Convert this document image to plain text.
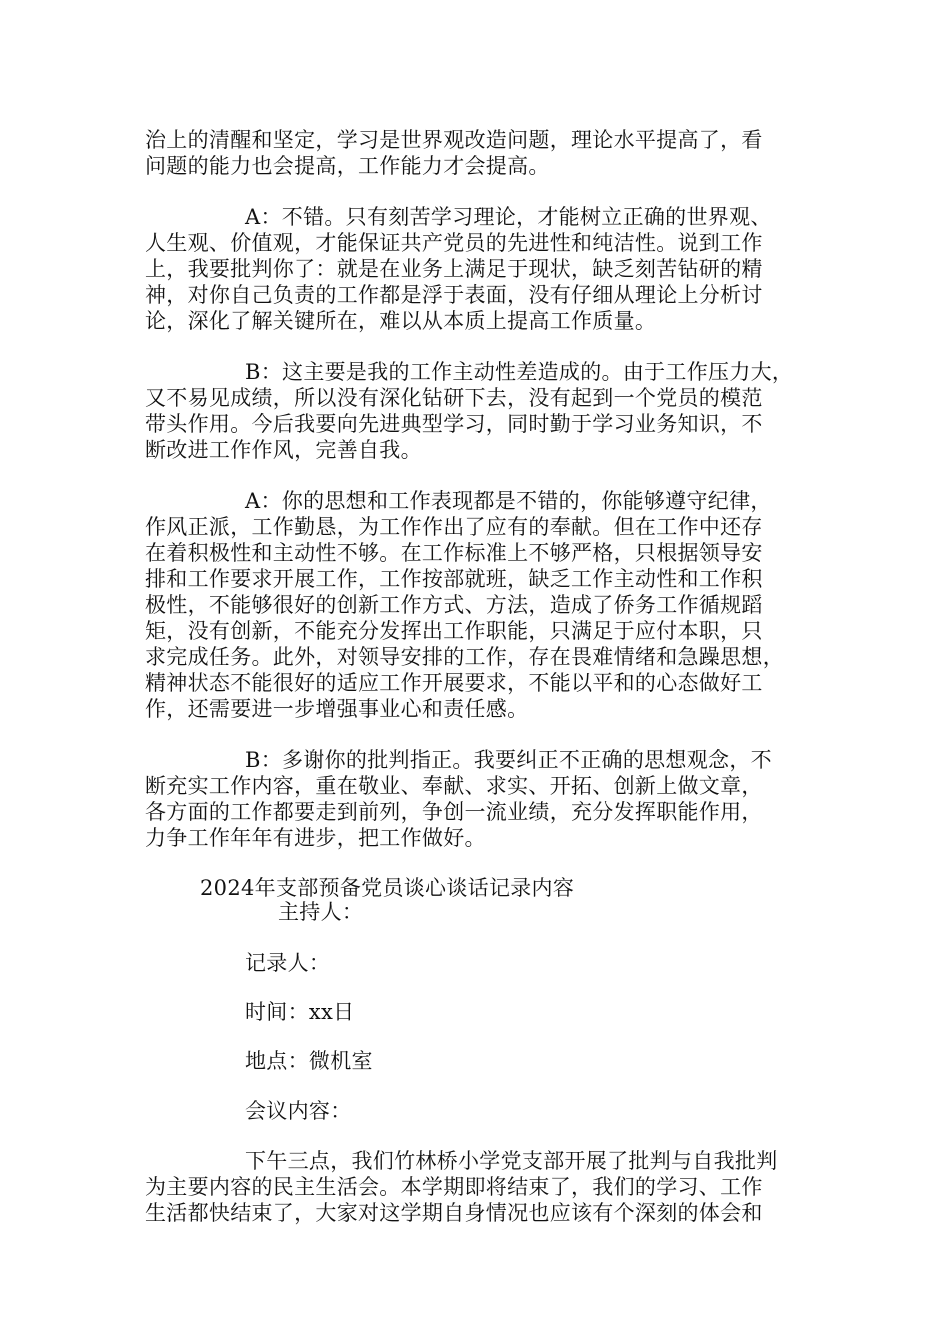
治上的清醒和坚定，学习是世界观改造问题，理论水平提高了，看
问题的能力也会提高，工作能力才会提高。
A：不错。只有刻苦学习理论，才能树立正确的世界观、
人生观、价值观，才能保证共产党员的先进性和纯洁性。说到工作
上，我要批判你了：就是在业务上满足于现状，缺乏刻苦钻研的精
神，对你自己负责的工作都是浮于表面，没有仔细从理论上分析讨
论，深化了解关键所在，难以从本质上提高工作质量。
B：这主要是我的工作主动性差造成的。由于工作压力大，
又不易见成绩，所以没有深化钻研下去，没有起到一个党员的模范
带头作用。今后我要向先进典型学习，同时勤于学习业务知识，不
断改进工作作风，完善自我。
A：你的思想和工作表现都是不错的，你能够遵守纪律，
作风正派，工作勤恳，为工作作出了应有的奉献。但在工作中还存
在着积极性和主动性不够。在工作标准上不够严格，只根据领导安
排和工作要求开展工作，工作按部就班，缺乏工作主动性和工作积
极性，不能够很好的创新工作方式、方法，造成了侨务工作循规蹈
矩，没有创新，不能充分发挥出工作职能，只满足于应付本职，只
求完成任务。此外，对领导安排的工作，存在畏难情绪和急躁思想，
精神状态不能很好的适应工作开展要求，不能以平和的心态做好工
作，还需要进一步增强事业心和责任感。
B：多谢你的批判指正。我要纠正不正确的思想观念，不
断充实工作内容，重在敬业、奉献、求实、开拓、创新上做文章，
各方面的工作都要走到前列，争创一流业绩，充分发挥职能作用，
力争工作年年有进步，把工作做好。
2024年支部预备党员谈心谈话记录内容
主持人：
记录人：
时间：xx日
地点：微机室
会议内容：
下午三点，我们竹林桥小学党支部开展了批判与自我批判
为主要内容的民主生活会。本学期即将结束了，我们的学习、工作
生活都快结束了，大家对这学期自身情况也应该有个深刻的体会和
